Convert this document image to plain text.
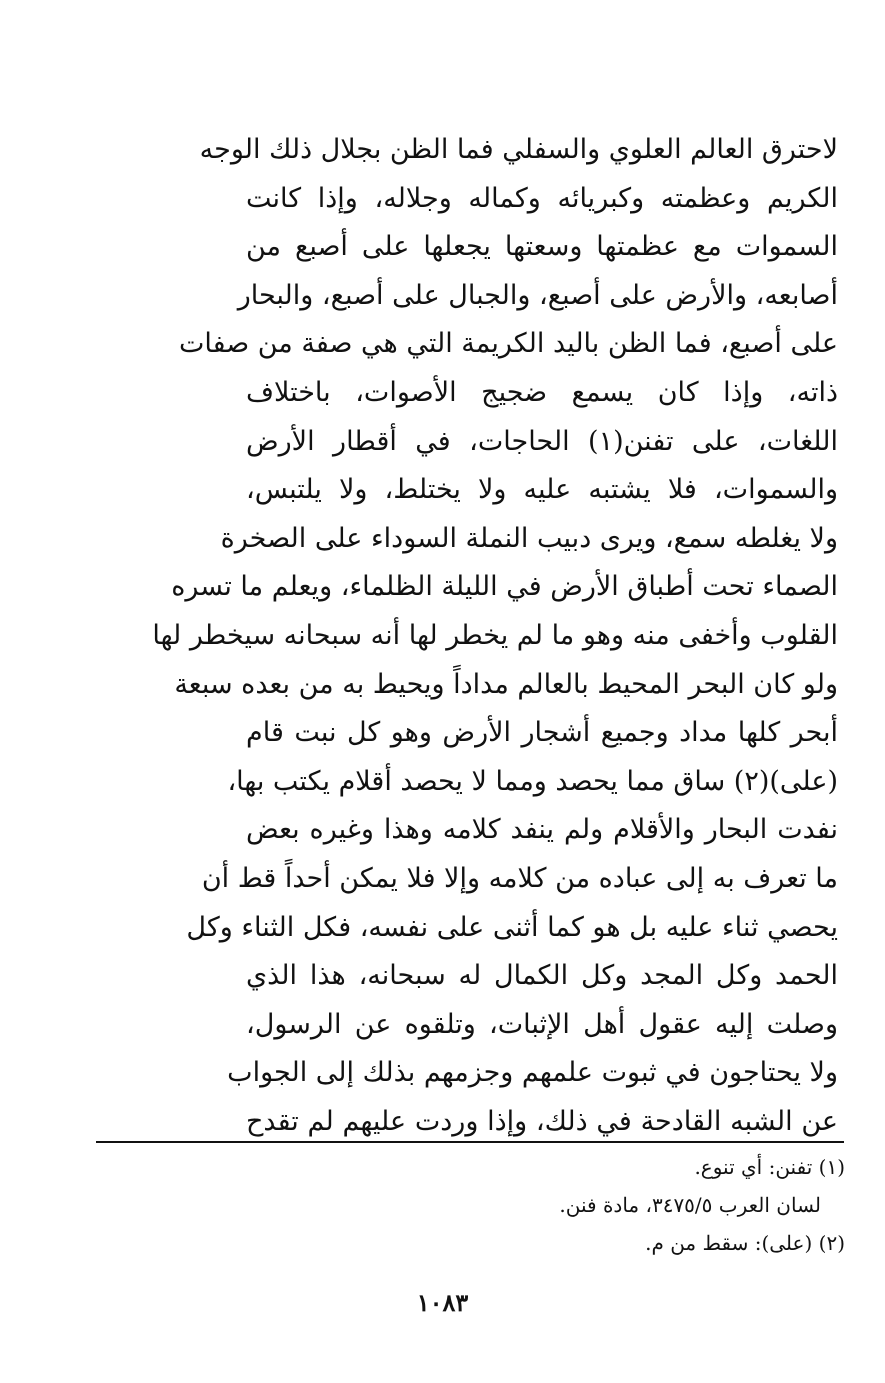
لاحترق العالم العلوي والسفلي فما الظن بجلال ذلك الوجه
الكريم وعظمته وكبريائه وكماله وجلاله، وإذا كانت
السموات مع عظمتها وسعتها يجعلها على أصبع من
أصابعه، والأرض على أصبع، والجبال على أصبع، والبحار
على أصبع، فما الظن باليد الكريمة التي هي صفة من صفات
ذاته، وإذا كان يسمع ضجيج الأصوات، باختلاف
اللغات، على تفنن(١) الحاجات، في أقطار الأرض
والسموات، فلا يشتبه عليه ولا يختلط، ولا يلتبس،
ولا يغلطه سمع، ويرى دبيب النملة السوداء على الصخرة
الصماء تحت أطباق الأرض في الليلة الظلماء، ويعلم ما تسره
القلوب وأخفى منه وهو ما لم يخطر لها أنه سبحانه سيخطر لها
ولو كان البحر المحيط بالعالم مداداً ويحيط به من بعده سبعة
أبحر كلها مداد وجميع أشجار الأرض وهو كل نبت قام
(على)(٢) ساق مما يحصد ومما لا يحصد أقلام يكتب بها،
نفدت البحار والأقلام ولم ينفد كلامه وهذا وغيره بعض
ما تعرف به إلى عباده من كلامه وإلا فلا يمكن أحداً قط أن
يحصي ثناء عليه بل هو كما أثنى على نفسه، فكل الثناء وكل
الحمد وكل المجد وكل الكمال له سبحانه، هذا الذي
وصلت إليه عقول أهل الإثبات، وتلقوه عن الرسول،
ولا يحتاجون في ثبوت علمهم وجزمهم بذلك إلى الجواب
عن الشبه القادحة في ذلك، وإذا وردت عليهم لم تقدح
(١) تفنن: أي تنوع.
لسان العرب ٣٤٧٥/٥، مادة فنن.
(٢) (على): سقط من م.
١٠٨٣
